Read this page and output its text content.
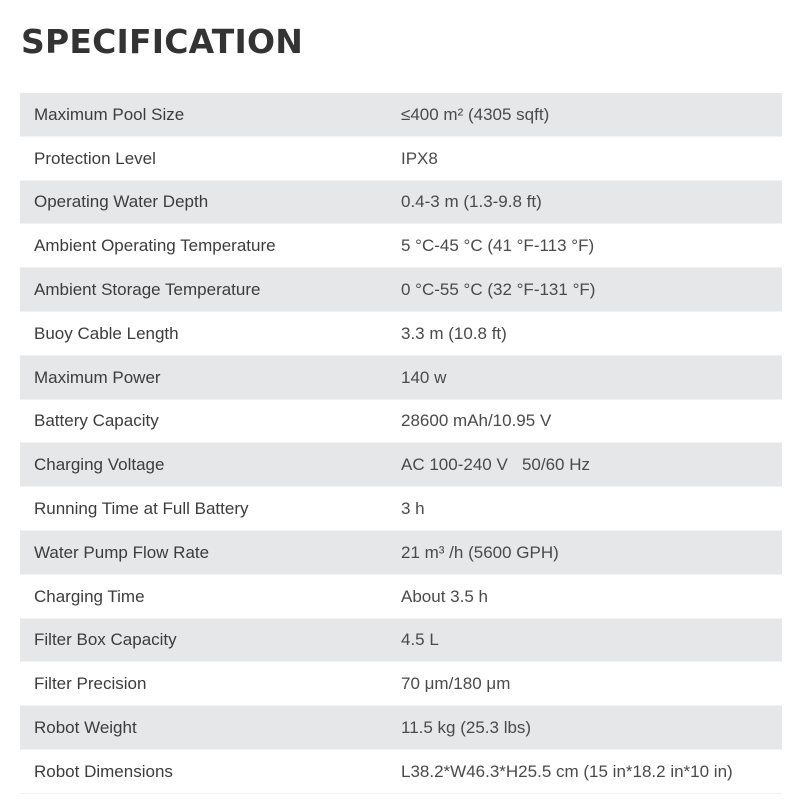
SPECIFICATION
Maximum Pool Size	≤400 m² (4305 sqft)
Protection Level	IPX8
Operating Water Depth	0.4-3 m (1.3-9.8 ft)
Ambient Operating Temperature	5 °C-45 °C (41 °F-113 °F)
Ambient Storage Temperature	0 °C-55 °C (32 °F-131 °F)
Buoy Cable Length	3.3 m (10.8 ft)
Maximum Power	140 w
Battery Capacity	28600 mAh/10.95 V
Charging Voltage	AC 100-240 V   50/60 Hz
Running Time at Full Battery	3 h
Water Pump Flow Rate	21 m³ /h (5600 GPH)
Charging Time	About 3.5 h
Filter Box Capacity	4.5 L
Filter Precision	70 μm/180 μm
Robot Weight	11.5 kg (25.3 lbs)
Robot Dimensions	L38.2*W46.3*H25.5 cm (15 in*18.2 in*10 in)
